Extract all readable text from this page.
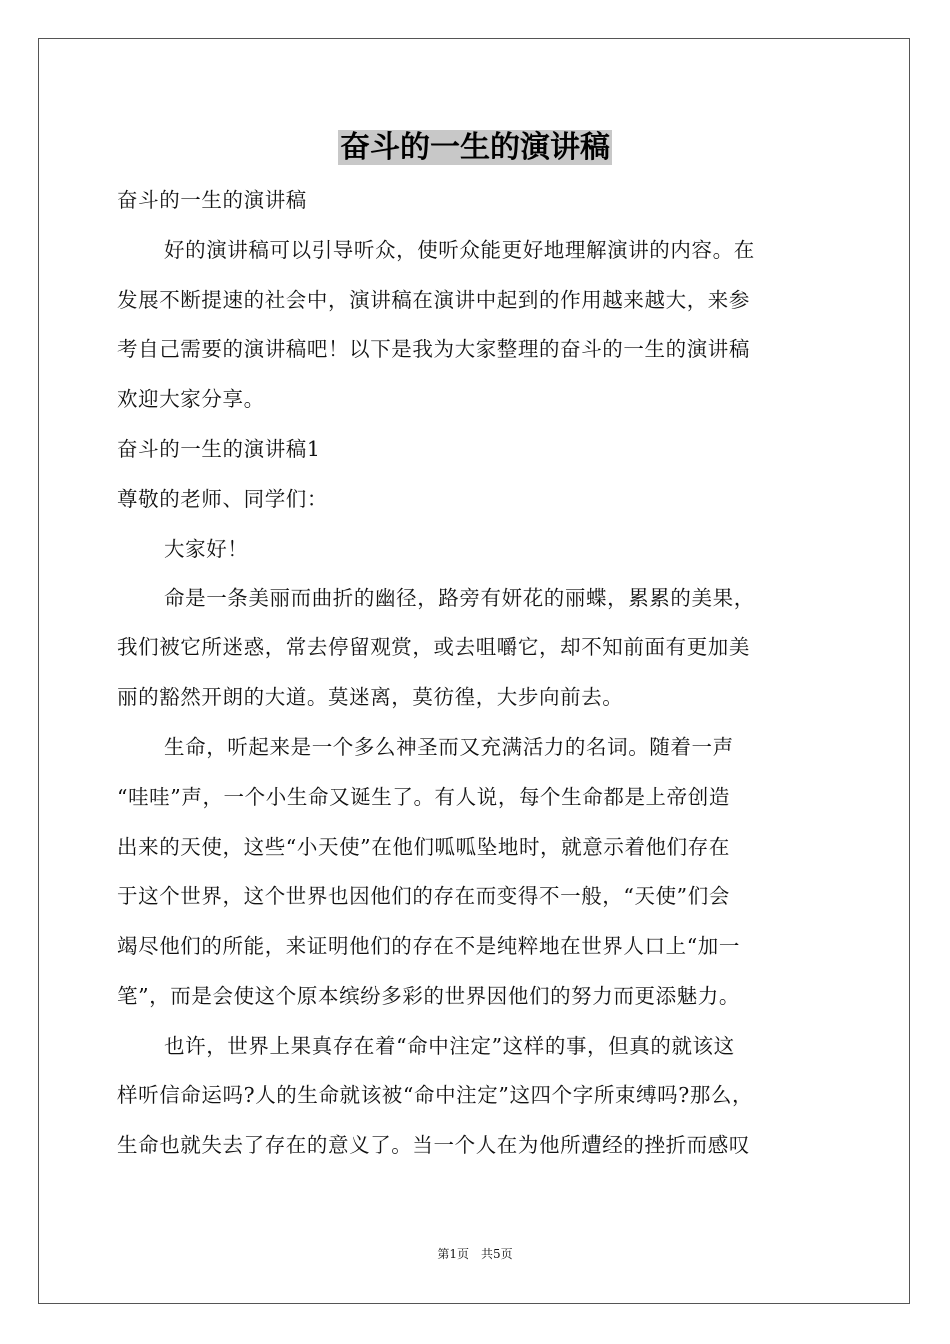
奋斗的一生的演讲稿
奋斗的一生的演讲稿
好的演讲稿可以引导听众，使听众能更好地理解演讲的内容。在
发展不断提速的社会中，演讲稿在演讲中起到的作用越来越大，来参
考自己需要的演讲稿吧！以下是我为大家整理的奋斗的一生的演讲稿
欢迎大家分享。
奋斗的一生的演讲稿1
尊敬的老师、同学们：
大家好！
命是一条美丽而曲折的幽径，路旁有妍花的丽蝶，累累的美果，
我们被它所迷惑，常去停留观赏，或去咀嚼它，却不知前面有更加美
丽的豁然开朗的大道。莫迷离，莫彷徨，大步向前去。
生命，听起来是一个多么神圣而又充满活力的名词。随着一声
“哇哇”声，一个小生命又诞生了。有人说，每个生命都是上帝创造
出来的天使，这些“小天使”在他们呱呱坠地时，就意示着他们存在
于这个世界，这个世界也因他们的存在而变得不一般，“天使”们会
竭尽他们的所能，来证明他们的存在不是纯粹地在世界人口上“加一
笔”，而是会使这个原本缤纷多彩的世界因他们的努力而更添魅力。
也许，世界上果真存在着“命中注定”这样的事，但真的就该这
样听信命运吗?人的生命就该被“命中注定”这四个字所束缚吗?那么，
生命也就失去了存在的意义了。当一个人在为他所遭经的挫折而感叹
第1页　共5页
